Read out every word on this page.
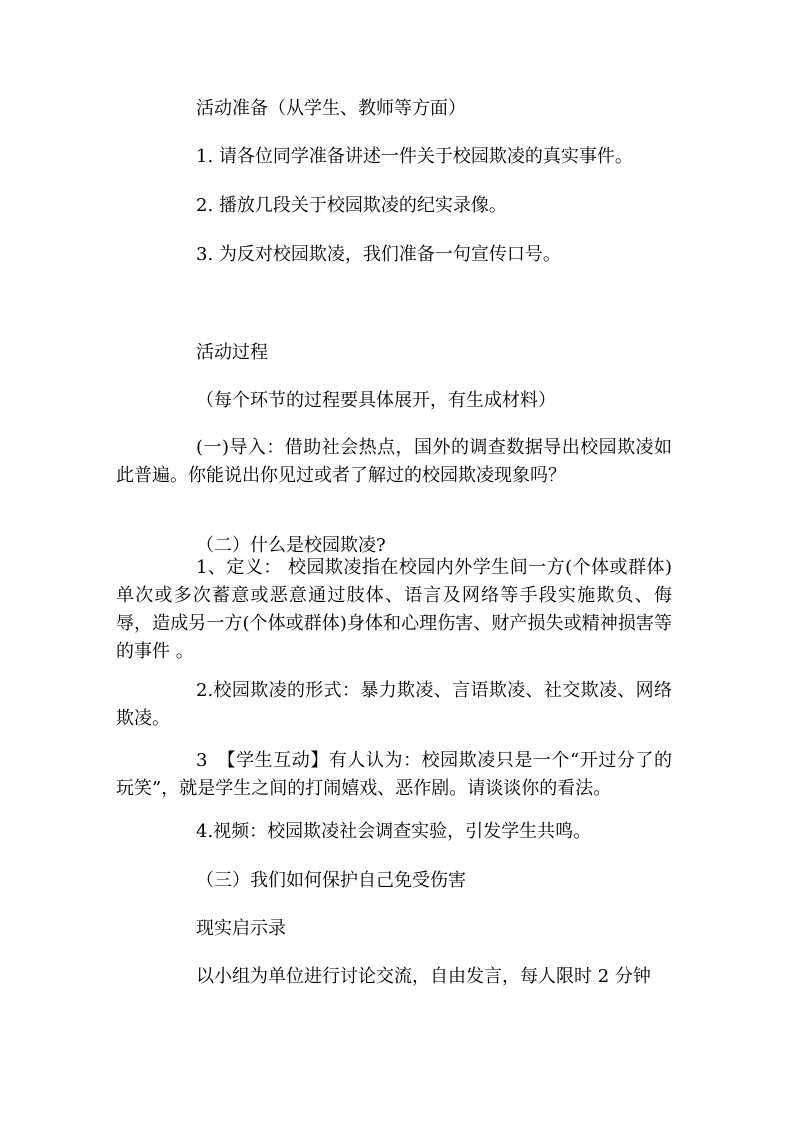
活动准备（从学生、教师等方面）

1. 请各位同学准备讲述一件关于校园欺凌的真实事件。

2. 播放几段关于校园欺凌的纪实录像。

3. 为反对校园欺凌，我们准备一句宣传口号。

活动过程

（每个环节的过程要具体展开，有生成材料）

(一)导入：借助社会热点，国外的调查数据导出校园欺凌如此普遍。你能说出你见过或者了解过的校园欺凌现象吗？

（二）什么是校园欺凌?

1、定义： 校园欺凌指在校园内外学生间一方(个体或群体)单次或多次蓄意或恶意通过肢体、语言及网络等手段实施欺负、侮辱，造成另一方(个体或群体)身体和心理伤害、财产损失或精神损害等的事件 。

2.校园欺凌的形式：暴力欺凌、言语欺凌、社交欺凌、网络欺凌。

3　【学生互动】有人认为：校园欺凌只是一个“开过分了的玩笑”，就是学生之间的打闹嬉戏、恶作剧。请谈谈你的看法。

4.视频：校园欺凌社会调查实验，引发学生共鸣。

（三）我们如何保护自己免受伤害

现实启示录

以小组为单位进行讨论交流，自由发言，每人限时 2 分钟
